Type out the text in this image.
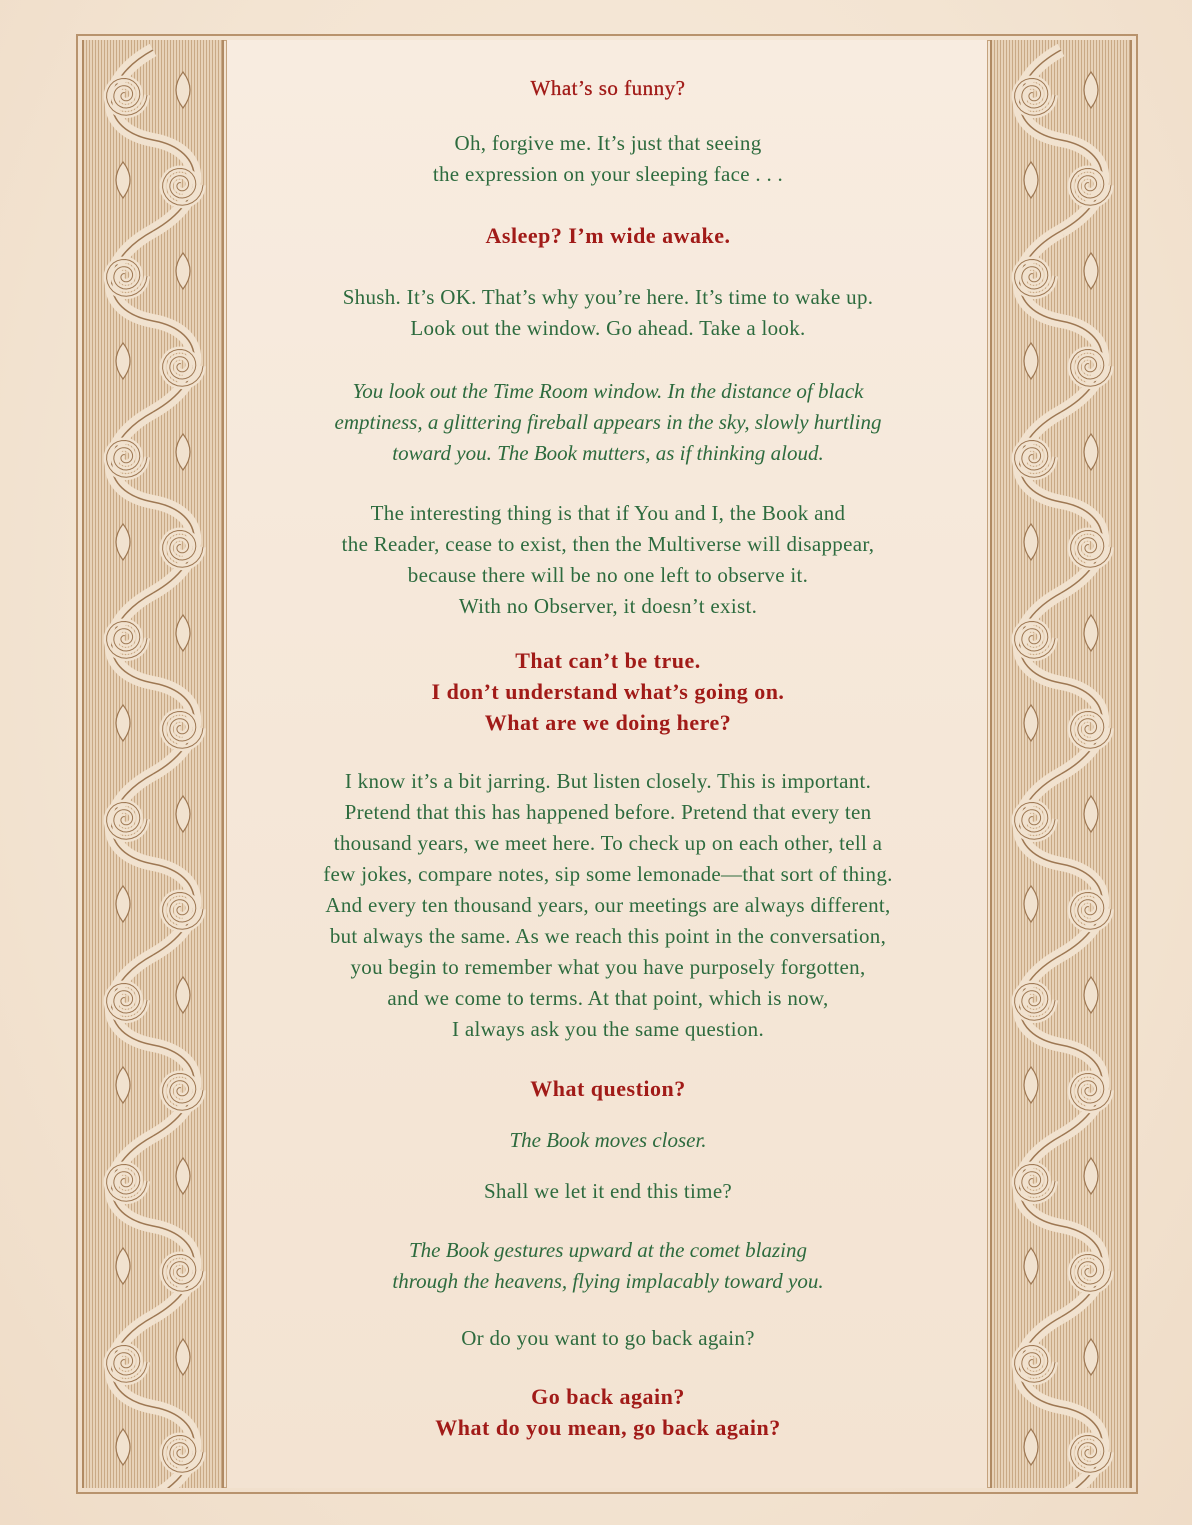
What’s so funny?

Oh, forgive me. It’s just that seeing
the expression on your sleeping face . . .

Asleep? I’m wide awake.

Shush. It’s OK. That’s why you’re here. It’s time to wake up.
Look out the window. Go ahead. Take a look.

You look out the Time Room window. In the distance of black
emptiness, a glittering fireball appears in the sky, slowly hurtling
toward you. The Book mutters, as if thinking aloud.

The interesting thing is that if You and I, the Book and
the Reader, cease to exist, then the Multiverse will disappear,
because there will be no one left to observe it.
With no Observer, it doesn’t exist.

That can’t be true.
I don’t understand what’s going on.
What are we doing here?

I know it’s a bit jarring. But listen closely. This is important.
Pretend that this has happened before. Pretend that every ten
thousand years, we meet here. To check up on each other, tell a
few jokes, compare notes, sip some lemonade—that sort of thing.
And every ten thousand years, our meetings are always different,
but always the same. As we reach this point in the conversation,
you begin to remember what you have purposely forgotten,
and we come to terms. At that point, which is now,
I always ask you the same question.

What question?

The Book moves closer.

Shall we let it end this time?

The Book gestures upward at the comet blazing
through the heavens, flying implacably toward you.

Or do you want to go back again?

Go back again?
What do you mean, go back again?
